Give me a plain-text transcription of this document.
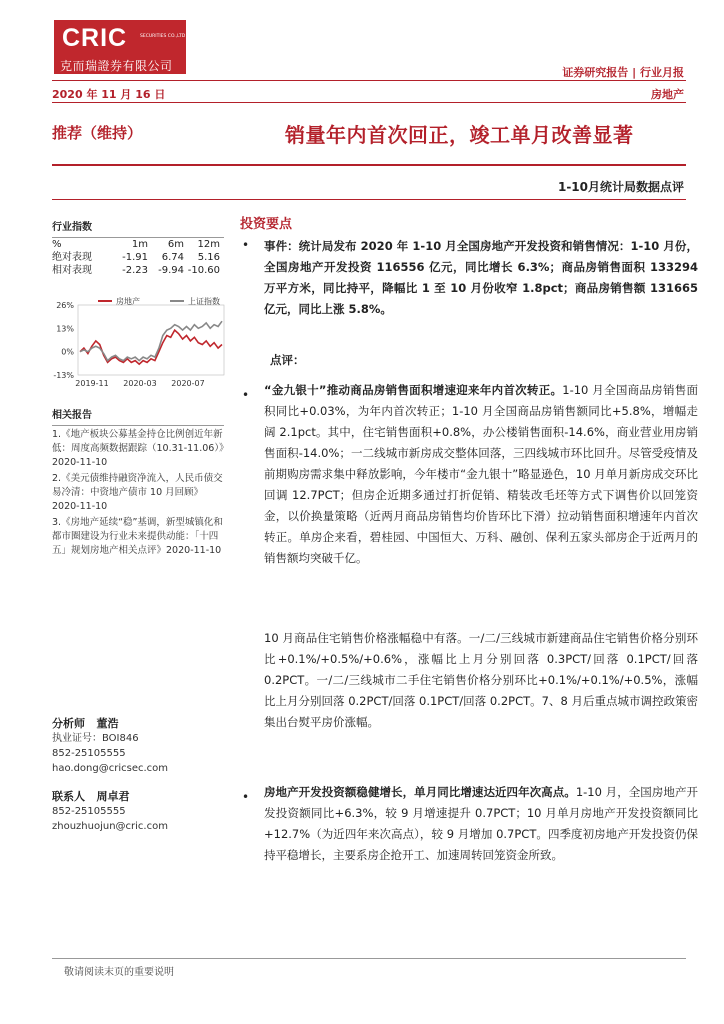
CRIC	SECURITIES CO.,LTD
克而瑞證券有限公司	证券研究报告 | 行业月报
2020 年 11 月 16 日	房地产
推荐（维持）	销量年内首次回正，竣工单月改善显著
1-10月统计局数据点评
行业指数
%	1m	6m	12m
绝对表现	-1.91	6.74	5.16
相对表现	-2.23	-9.94 -10.60
26%
13%
0%
-13%
2019-11 2020-03 2020-07
房地产	上证指数
相关报告
1.《地产板块公募基金持仓比例创近年新低：周度高频数据跟踪（10.31-11.06）》2020-11-10
2.《美元债维持融资净流入，人民币债交易冷清：中资地产债市 10 月回顾》2020-11-10
3.《房地产延续“稳”基调，新型城镇化和都市圈建设为行业未来提供动能：「十四五」规划房地产相关点评》2020-11-10
分析师 董浩
执业证号：BOI846
852-25105555
hao.dong@cricsec.com
联系人 周卓君
852-25105555
zhouzhuojun@cric.com
投资要点
• 事件：统计局发布 2020 年 1-10 月全国房地产开发投资和销售情况：1-10 月份，全国房地产开发投资 116556 亿元，同比增长 6.3%；商品房销售面积 133294 万平方米，同比持平，降幅比 1 至 10 月份收窄 1.8pct；商品房销售额 131665 亿元，同比上涨 5.8%。
点评：
• “金九银十”推动商品房销售面积增速迎来年内首次转正。1-10 月全国商品房销售面积同比+0.03%，为年内首次转正；1-10 月全国商品房销售额同比+5.8%，增幅走阔 2.1pct。其中，住宅销售面积+0.8%，办公楼销售面积-14.6%，商业营业用房销售面积-14.0%；一二线城市新房成交整体回落，三四线城市环比回升。尽管受疫情及前期购房需求集中释放影响，今年楼市“金九银十”略显逊色，10 月单月新房成交环比回调 12.7PCT；但房企近期多通过打折促销、精装改毛坯等方式下调售价以回笼资金，以价换量策略（近两月商品房销售均价皆环比下滑）拉动销售面积增速年内首次转正。单房企来看，碧桂园、中国恒大、万科、融创、保利五家头部房企于近两月的销售额均突破千亿。
10 月商品住宅销售价格涨幅稳中有落。一/二/三线城市新建商品住宅销售价格分别环比+0.1%/+0.5%/+0.6%，涨幅比上月分别回落 0.3PCT/回落 0.1PCT/回落 0.2PCT。一/二/三线城市二手住宅销售价格分别环比+0.1%/+0.1%/+0.5%，涨幅比上月分别回落 0.2PCT/回落 0.1PCT/回落 0.2PCT。7、8 月后重点城市调控政策密集出台熨平房价涨幅。
• 房地产开发投资额稳健增长，单月同比增速达近四年次高点。1-10 月，全国房地产开发投资额同比+6.3%，较 9 月增速提升 0.7PCT；10 月单月房地产开发投资额同比+12.7%（为近四年来次高点），较 9 月增加 0.7PCT。四季度初房地产开发投资仍保持平稳增长，主要系房企抢开工、加速周转回笼资金所致。
敬请阅读末页的重要说明
